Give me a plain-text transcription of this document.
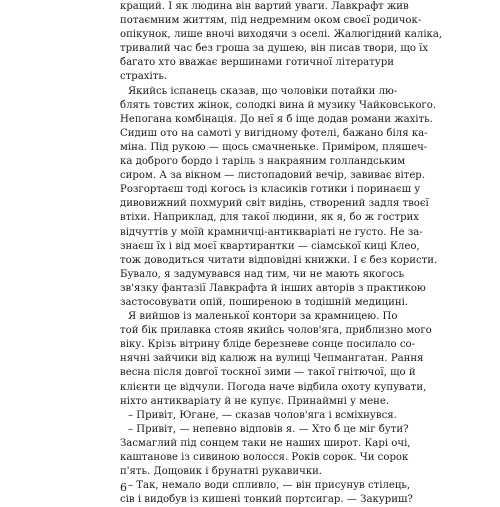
кращий. І як людина він вартий уваги. Лавкрафт жив
потаємним життям, під недремним оком своєї родичок-
опікунок, лише вночі виходячи з оселі. Жалюгідний каліка,
тривалий час без гроша за душею, він писав твори, що їх
багато хто вважає вершинами готичної літератури
страхіть.

Якийсь іспанець сказав, що чоловіки потайки лю-
блять товстих жінок, солодкі вина й музику Чайковського.
Непогана комбінація. До неї я б іще додав романи жахіть.
Сидиш ото на самоті у вигідному фотелі, бажано біля ка-
міна. Під рукою — щось смачненьке. Приміром, пляшеч-
ка доброго бордо і таріль з накраяним голландським
сиром. А за вікном — листопадовий вечір, завиває вітер.
Розгортаєш тоді когось із класиків готики і поринаєш у
дивовижний похмурий світ видінь, створений задля твоєї
втіхи. Наприклад, для такої людини, як я, бо ж гострих
відчуттів у моїй крамничці-антикваріаті не густо. Не за-
знаєш їх і від моєї квартирантки — сіамської киці Клео,
тож доводиться читати відповідні книжки. І є без користи.
Бувало, я задумувався над тим, чи не мають якогось
зв'язку фантазії Лавкрафта й інших авторів з практикою
застосовувати опій, поширеною в тодішній медицині.

Я вийшов із маленької контори за крамницею. По
той бік прилавка стояв якийсь чолов'яга, приблизно мого
віку. Крізь вітрину бліде березневе сонце посилало со-
нячні зайчики від калюж на вулиці Чепмангатан. Рання
весна після довгої тоскної зими — такої гнітючої, що й
клієнти це відчули. Погода наче відбила охоту купувати,
ніхто антикваріату й не купує. Принаймні у мене.

– Привіт, Югане, — сказав чолов'яга і всміхнувся.

– Привіт, — непевно відповів я. — Хто б це міг бути?
Засмаглий під сонцем таки не наших широт. Карі очі,
каштанове із сивиною волосся. Років сорок. Чи сорок
п'ять. Дощовик і брунатні рукавички.

– Так, немало води спливло, — він присунув стілець,
сів і видобув із кишені тонкий портсигар. — Закуриш?

6
